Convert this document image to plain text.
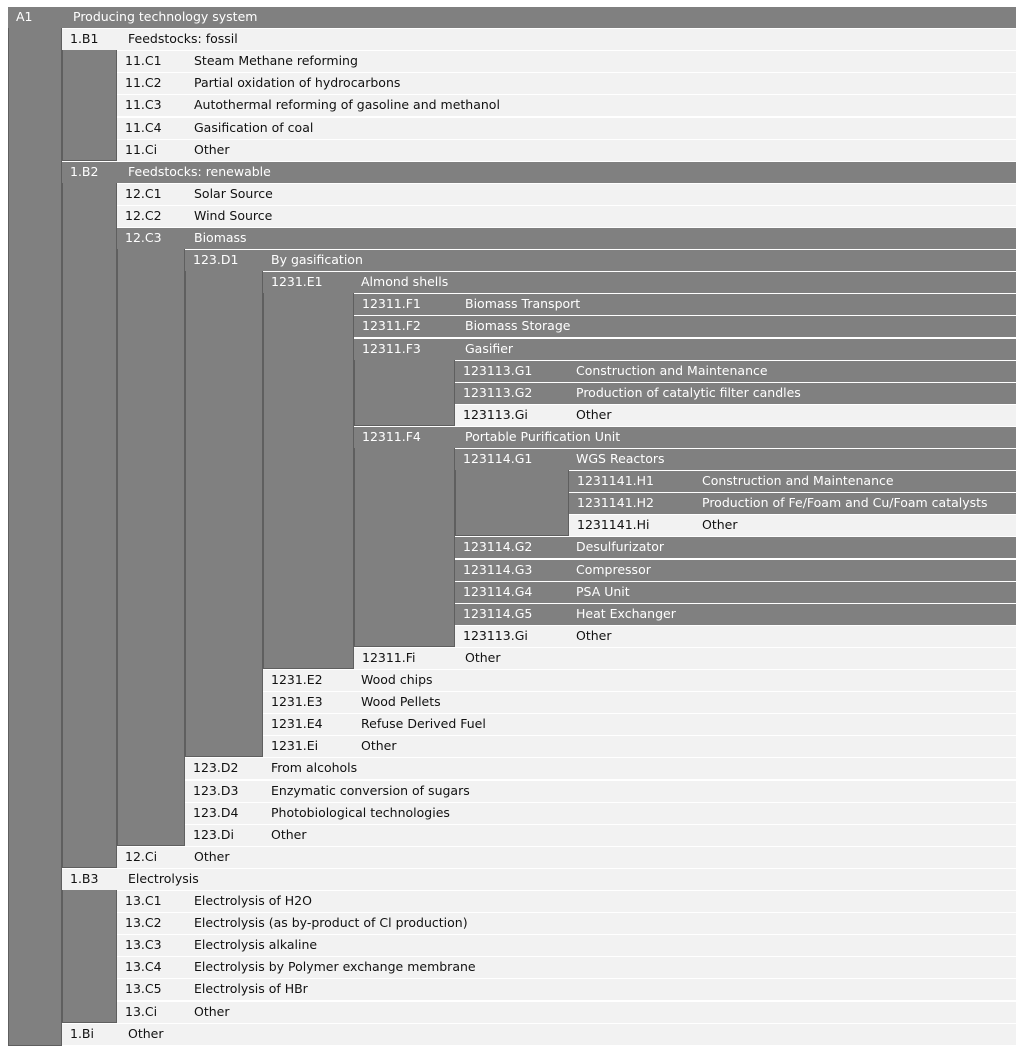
A1	Producing technology system
1.B1 Feedstocks: fossil
11.C1	Steam Methane reforming
11.C2	Partial oxidation of hydrocarbons
11.C3	Autothermal reforming of gasoline and methanol
11.C4	Gasification of coal
11.Ci	Other
1.B2 Feedstocks: renewable
12.C1	Solar Source
12.C2	Wind Source
12.C3	Biomass
123.D1	By gasification
1231.E1	Almond shells
12311.F1	Biomass Transport
12311.F2	Biomass Storage
12311.F3	Gasifier
123113.G1	Construction and Maintenance
123113.G2	Production of catalytic filter candles
123113.Gi	Other
12311.F4	Portable Purification Unit
123114.G1	WGS Reactors
1231141.H1	Construction and Maintenance
1231141.H2	Production of Fe/Foam and Cu/Foam catalysts
1231141.Hi	Other
123114.G2	Desulfurizator
123114.G3	Compressor
123114.G4	PSA Unit
123114.G5	Heat Exchanger
123113.Gi	Other
12311.Fi	Other
1231.E2	Wood chips
1231.E3	Wood Pellets
1231.E4	Refuse Derived Fuel
1231.Ei	Other
123.D2	From alcohols
123.D3	Enzymatic conversion of sugars
123.D4	Photobiological technologies
123.Di	Other
12.Ci	Other
1.B3 Electrolysis
13.C1	Electrolysis of H2O
13.C2	Electrolysis (as by-product of Cl production)
13.C3	Electrolysis alkaline
13.C4	Electrolysis by Polymer exchange membrane
13.C5	Electrolysis of HBr
13.Ci	Other
1.Bi	Other
